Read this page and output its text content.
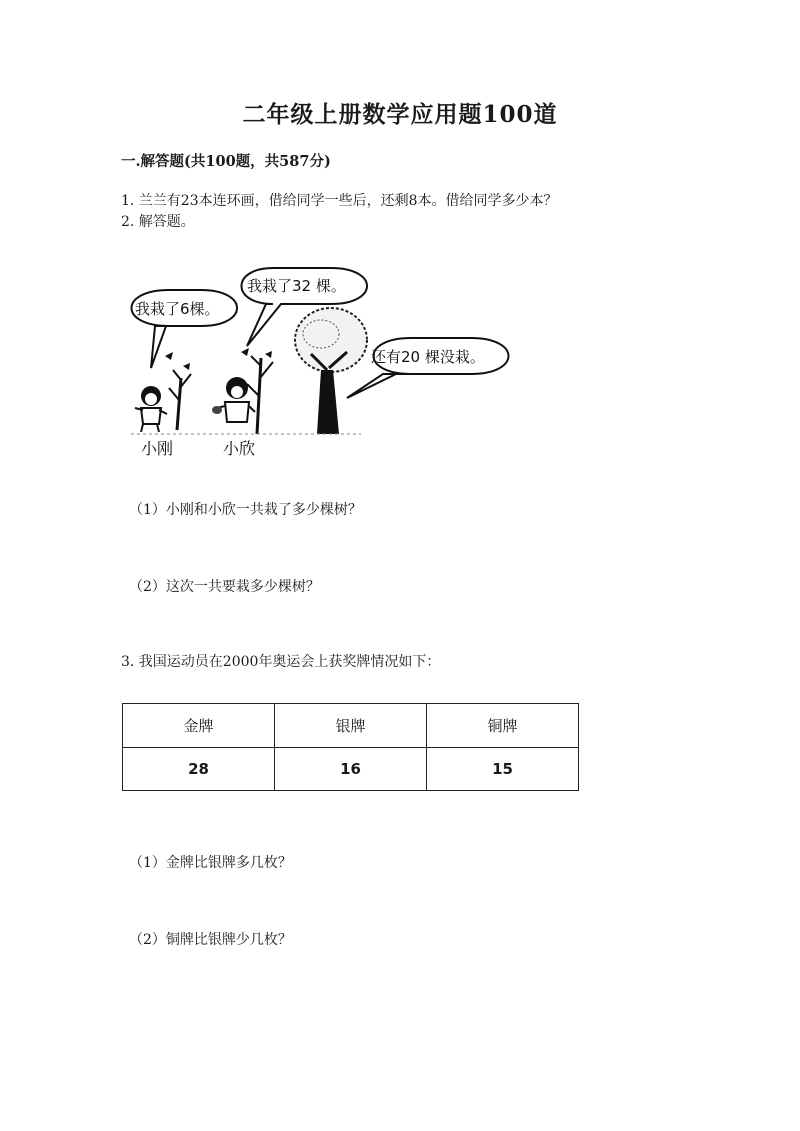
二年级上册数学应用题100道
一.解答题(共100题，共587分)
1. 兰兰有23本连环画，借给同学一些后，还剩8本。借给同学多少本？
2. 解答题。
我栽了6棵。
我栽了32 棵。
还有20 棵没栽。
小刚	小欣
（1）小刚和小欣一共栽了多少棵树？
（2）这次一共要栽多少棵树？
3. 我国运动员在2000年奥运会上获奖牌情况如下：
金牌	银牌	铜牌
28	16	15
（1）金牌比银牌多几枚？
（2）铜牌比银牌少几枚？
